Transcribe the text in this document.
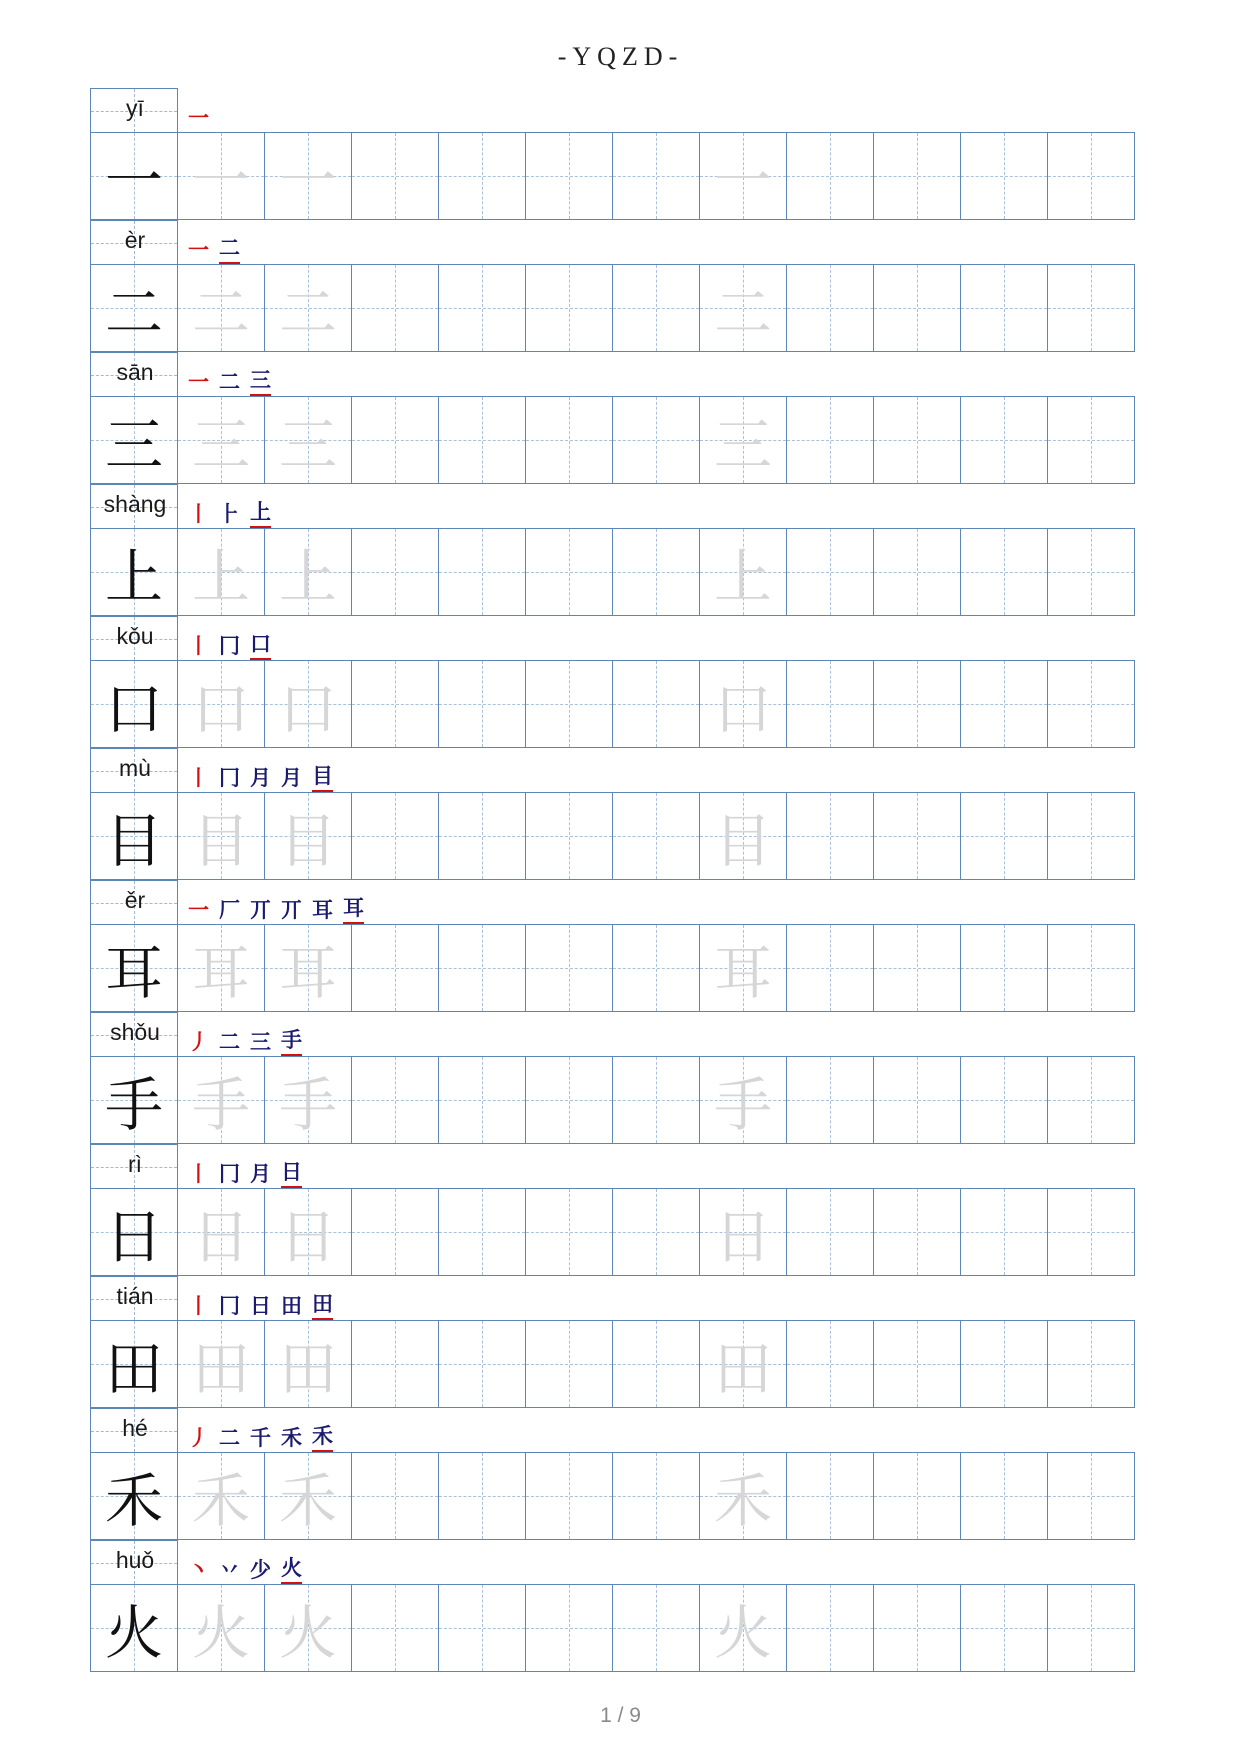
-YQZD-
yī	一
一 一 一	一
èr	一 二
二 二 二	二
sān	一 二 三
三 三 三	三
shàng	丨 ⺊ 上
上 上 上	上
kǒu	丨 冂 口
口 口 口	口
mù	丨 冂 月 月 目
目 目 目	目
ěr	一 厂 丌 丌 耳 耳
耳 耳 耳	耳
shǒu	丿 二 三 手
手 手 手	手
rì	丨 冂 月 日
日 日 日	日
tián	丨 冂 日 田 田
田 田 田	田
hé	丿 二 千 禾 禾
禾 禾 禾	禾
huǒ	丶 丷 少 火
火 火 火	火
1 / 9
